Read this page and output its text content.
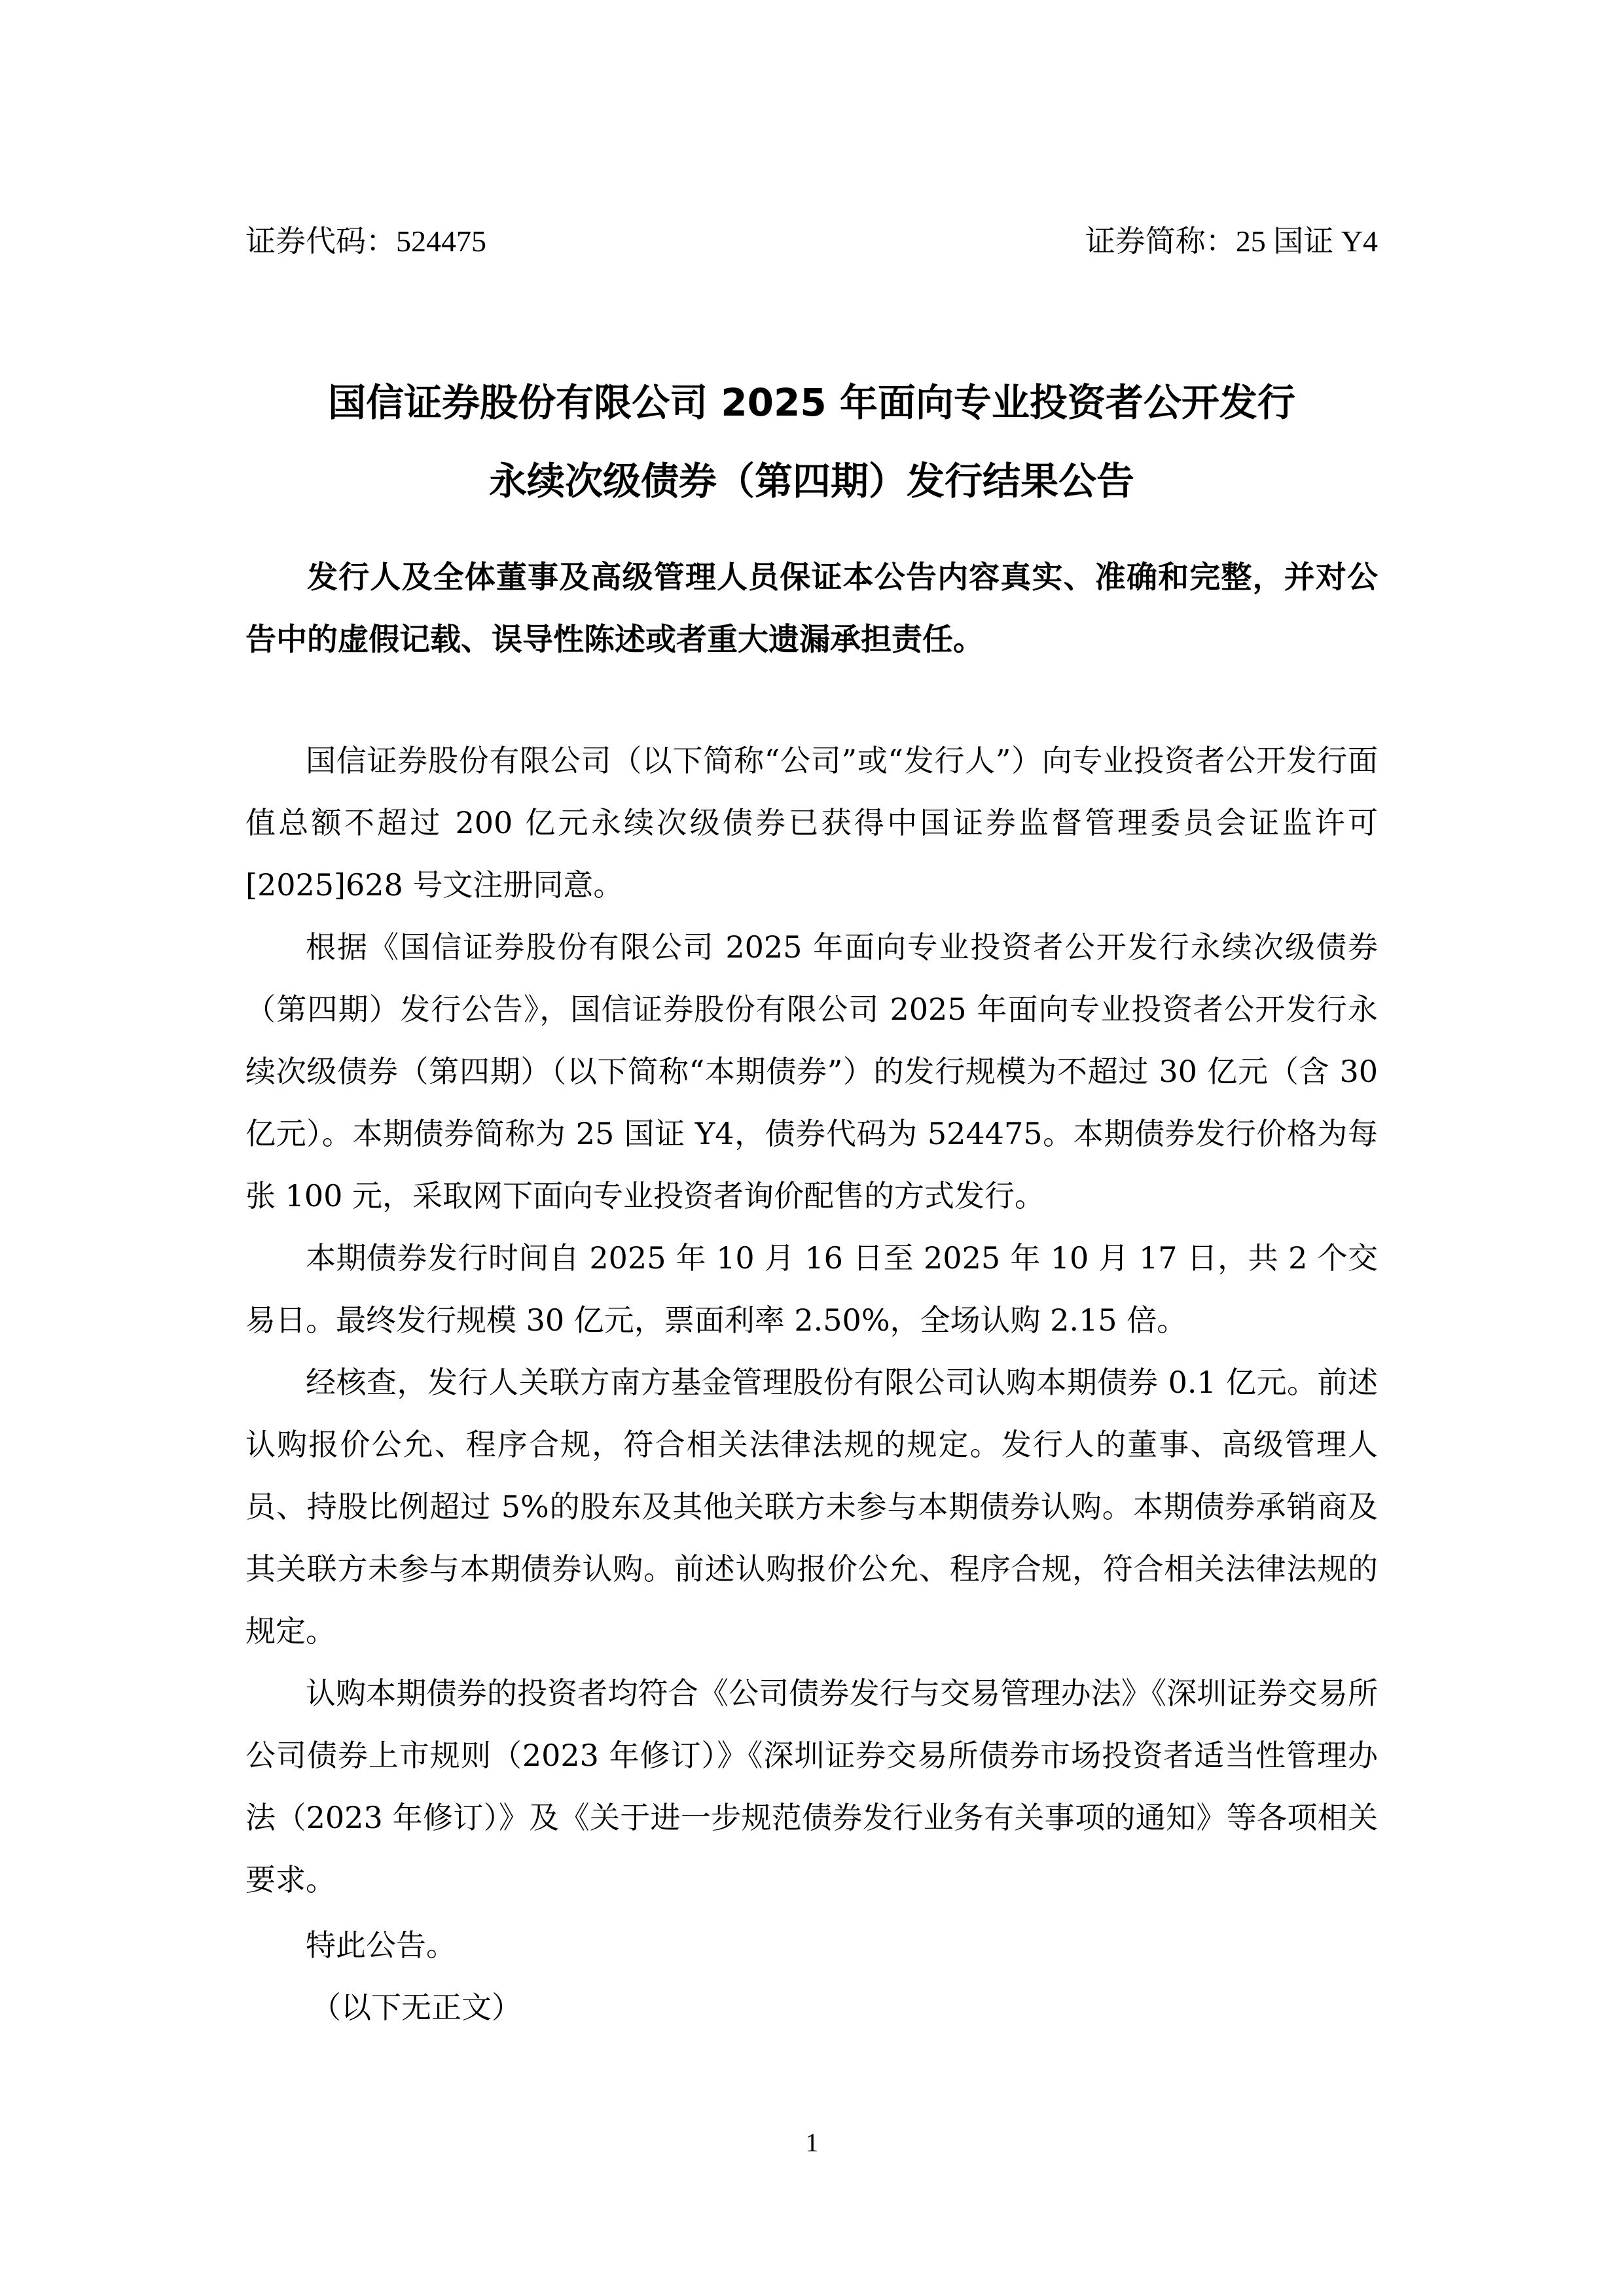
证券代码：524475	证券简称：25 国证 Y4
国信证券股份有限公司 2025 年面向专业投资者公开发行
永续次级债券（第四期）发行结果公告
发行人及全体董事及高级管理人员保证本公告内容真实、准确和完整，并对公告中的虚假记载、误导性陈述或者重大遗漏承担责任。

国信证券股份有限公司（以下简称“公司”或“发行人”）向专业投资者公开发行面值总额不超过 200 亿元永续次级债券已获得中国证券监督管理委员会证监许可[2025]628 号文注册同意。

根据《国信证券股份有限公司 2025 年面向专业投资者公开发行永续次级债券（第四期）发行公告》，国信证券股份有限公司 2025 年面向专业投资者公开发行永续次级债券（第四期）（以下简称“本期债券”）的发行规模为不超过 30 亿元（含 30 亿元）。本期债券简称为 25 国证 Y4，债券代码为 524475。本期债券发行价格为每张 100 元，采取网下面向专业投资者询价配售的方式发行。

本期债券发行时间自 2025 年 10 月 16 日至 2025 年 10 月 17 日，共 2 个交易日。最终发行规模 30 亿元，票面利率 2.50%，全场认购 2.15 倍。

经核查，发行人关联方南方基金管理股份有限公司认购本期债券 0.1 亿元。前述认购报价公允、程序合规，符合相关法律法规的规定。发行人的董事、高级管理人员、持股比例超过 5%的股东及其他关联方未参与本期债券认购。本期债券承销商及其关联方未参与本期债券认购。前述认购报价公允、程序合规，符合相关法律法规的规定。

认购本期债券的投资者均符合《公司债券发行与交易管理办法》《深圳证券交易所公司债券上市规则（2023 年修订）》《深圳证券交易所债券市场投资者适当性管理办法（2023 年修订）》及《关于进一步规范债券发行业务有关事项的通知》等各项相关要求。

特此公告。

（以下无正文）

1
